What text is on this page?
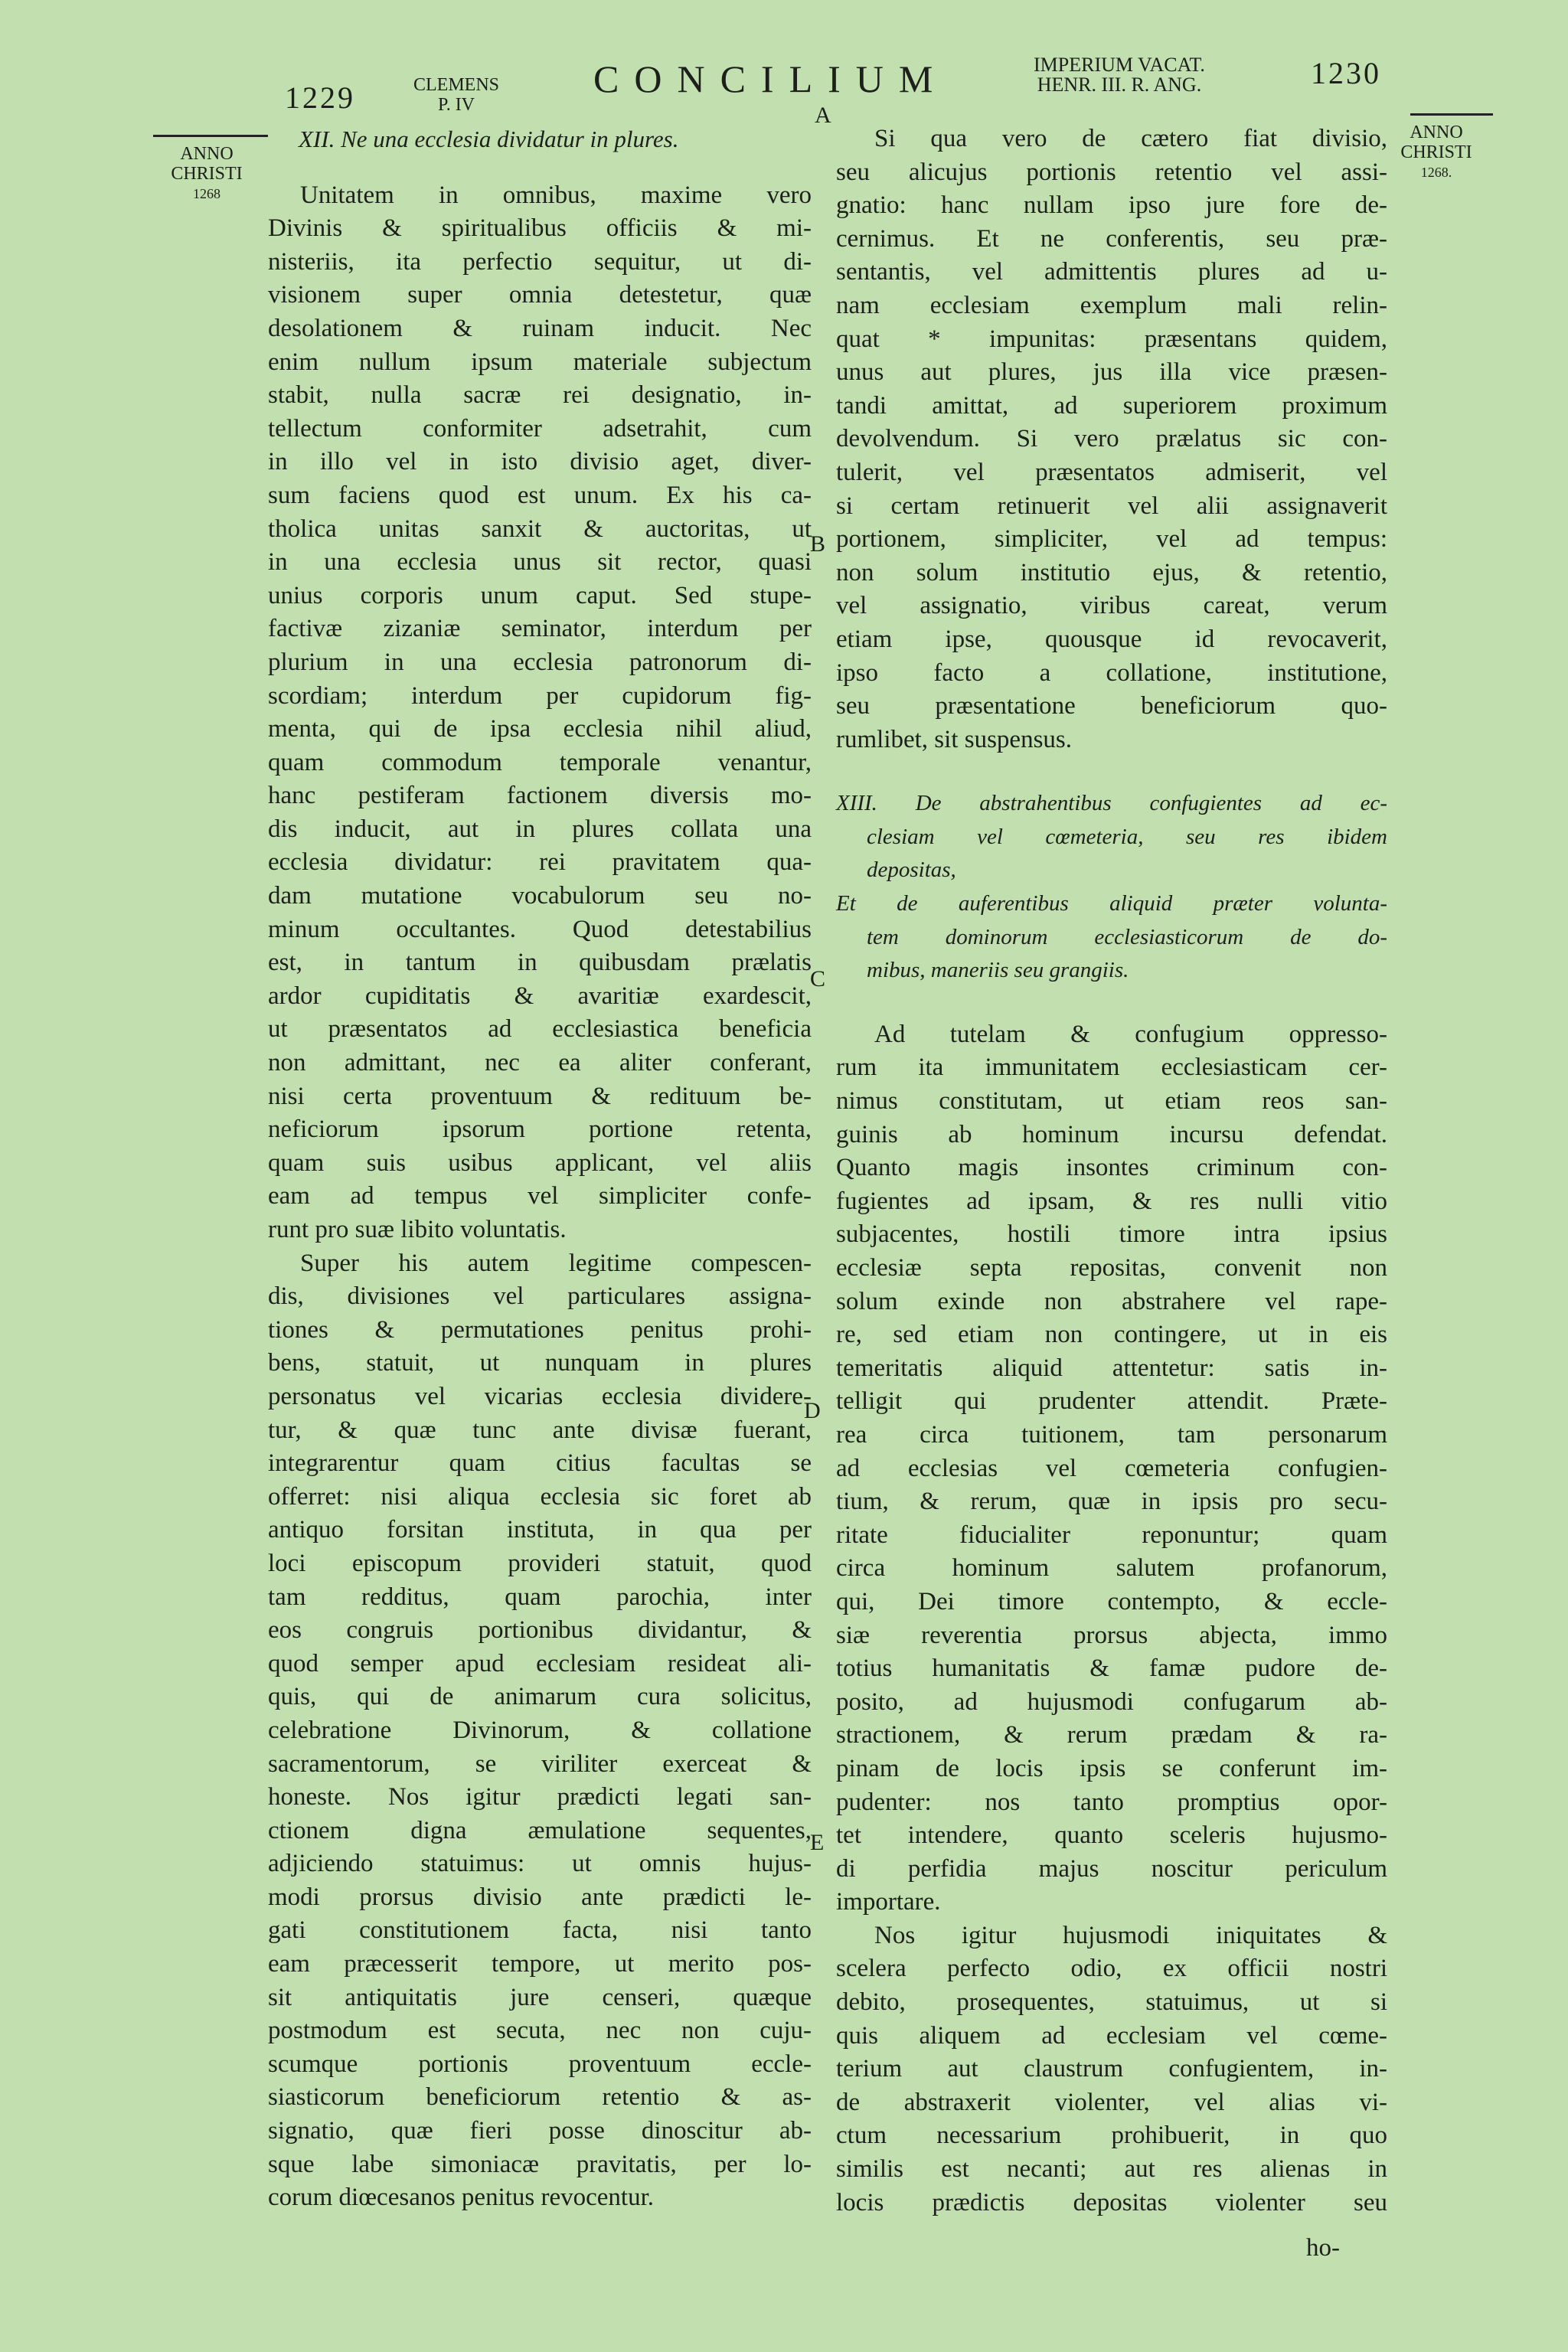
1229	CLEMENS
P. IV
CONCILIUM	IMPERIUM VACAT.
HENR. III. R. ANG.	1230
ANNO
CHRISTI
1268
ANNO
CHRISTI
1268.
A
B
C
D
E
XII. Ne una ecclesia dividatur in plures.
Unitatem in omnibus, maxime vero
Divinis & spiritualibus officiis & mi-
nisteriis, ita perfectio sequitur, ut di-
visionem super omnia detestetur, quæ
desolationem & ruinam inducit. Nec
enim nullum ipsum materiale subjectum
stabit, nulla sacræ rei designatio, in-
tellectum conformiter adsetrahit, cum
in illo vel in isto divisio aget, diver-
sum faciens quod est unum. Ex his ca-
tholica unitas sanxit & auctoritas, ut
in una ecclesia unus sit rector, quasi
unius corporis unum caput. Sed stupe-
factivæ zizaniæ seminator, interdum per
plurium in una ecclesia patronorum di-
scordiam; interdum per cupidorum fig-
menta, qui de ipsa ecclesia nihil aliud,
quam commodum temporale venantur,
hanc pestiferam factionem diversis mo-
dis inducit, aut in plures collata una
ecclesia dividatur: rei pravitatem qua-
dam mutatione vocabulorum seu no-
minum occultantes. Quod detestabilius
est, in tantum in quibusdam prælatis
ardor cupiditatis & avaritiæ exardescit,
ut præsentatos ad ecclesiastica beneficia
non admittant, nec ea aliter conferant,
nisi certa proventuum & redituum be-
neficiorum ipsorum portione retenta,
quam suis usibus applicant, vel aliis
eam ad tempus vel simpliciter confe-
runt pro suæ libito voluntatis.
Super his autem legitime compescen-
dis, divisiones vel particulares assigna-
tiones & permutationes penitus prohi-
bens, statuit, ut nunquam in plures
personatus vel vicarias ecclesia dividere-
tur, & quæ tunc ante divisæ fuerant,
integrarentur quam citius facultas se
offerret: nisi aliqua ecclesia sic foret ab
antiquo forsitan instituta, in qua per
loci episcopum provideri statuit, quod
tam redditus, quam parochia, inter
eos congruis portionibus dividantur, &
quod semper apud ecclesiam resideat ali-
quis, qui de animarum cura solicitus,
celebratione Divinorum, & collatione
sacramentorum, se viriliter exerceat &
honeste. Nos igitur prædicti legati san-
ctionem digna æmulatione sequentes,
adjiciendo statuimus: ut omnis hujus-
modi prorsus divisio ante prædicti le-
gati constitutionem facta, nisi tanto
eam præcesserit tempore, ut merito pos-
sit antiquitatis jure censeri, quæque
postmodum est secuta, nec non cuju-
scumque portionis proventuum eccle-
siasticorum beneficiorum retentio & as-
signatio, quæ fieri posse dinoscitur ab-
sque labe simoniacæ pravitatis, per lo-
corum diœcesanos penitus revocentur.
Si qua vero de cætero fiat divisio,
seu alicujus portionis retentio vel assi-
gnatio: hanc nullam ipso jure fore de-
cernimus. Et ne conferentis, seu præ-
sentantis, vel admittentis plures ad u-
nam ecclesiam exemplum mali relin-
quat * impunitas: præsentans quidem,
unus aut plures, jus illa vice præsen-
tandi amittat, ad superiorem proximum
devolvendum. Si vero prælatus sic con-
tulerit, vel præsentatos admiserit, vel
si certam retinuerit vel alii assignaverit
portionem, simpliciter, vel ad tempus:
non solum institutio ejus, & retentio,
vel assignatio, viribus careat, verum
etiam ipse, quousque id revocaverit,
ipso facto a collatione, institutione,
seu præsentatione beneficiorum quo-
rumlibet, sit suspensus.
XIII. De abstrahentibus confugientes ad ec-
clesiam vel cœmeteria, seu res ibidem
depositas,
Et de auferentibus aliquid præter volunta-
tem dominorum ecclesiasticorum de do-
mibus, maneriis seu grangiis.
Ad tutelam & confugium oppresso-
rum ita immunitatem ecclesiasticam cer-
nimus constitutam, ut etiam reos san-
guinis ab hominum incursu defendat.
Quanto magis insontes criminum con-
fugientes ad ipsam, & res nulli vitio
subjacentes, hostili timore intra ipsius
ecclesiæ septa repositas, convenit non
solum exinde non abstrahere vel rape-
re, sed etiam non contingere, ut in eis
temeritatis aliquid attentetur: satis in-
telligit qui prudenter attendit. Præte-
rea circa tuitionem, tam personarum
ad ecclesias vel cœmeteria confugien-
tium, & rerum, quæ in ipsis pro secu-
ritate fiducialiter reponuntur; quam
circa hominum salutem profanorum,
qui, Dei timore contempto, & eccle-
siæ reverentia prorsus abjecta, immo
totius humanitatis & famæ pudore de-
posito, ad hujusmodi confugarum ab-
stractionem, & rerum prædam & ra-
pinam de locis ipsis se conferunt im-
pudenter: nos tanto promptius opor-
tet intendere, quanto sceleris hujusmo-
di perfidia majus noscitur periculum
importare.
Nos igitur hujusmodi iniquitates &
scelera perfecto odio, ex officii nostri
debito, prosequentes, statuimus, ut si
quis aliquem ad ecclesiam vel cœme-
terium aut claustrum confugientem, in-
de abstraxerit violenter, vel alias vi-
ctum necessarium prohibuerit, in quo
similis est necanti; aut res alienas in
locis prædictis depositas violenter seu
ho-
